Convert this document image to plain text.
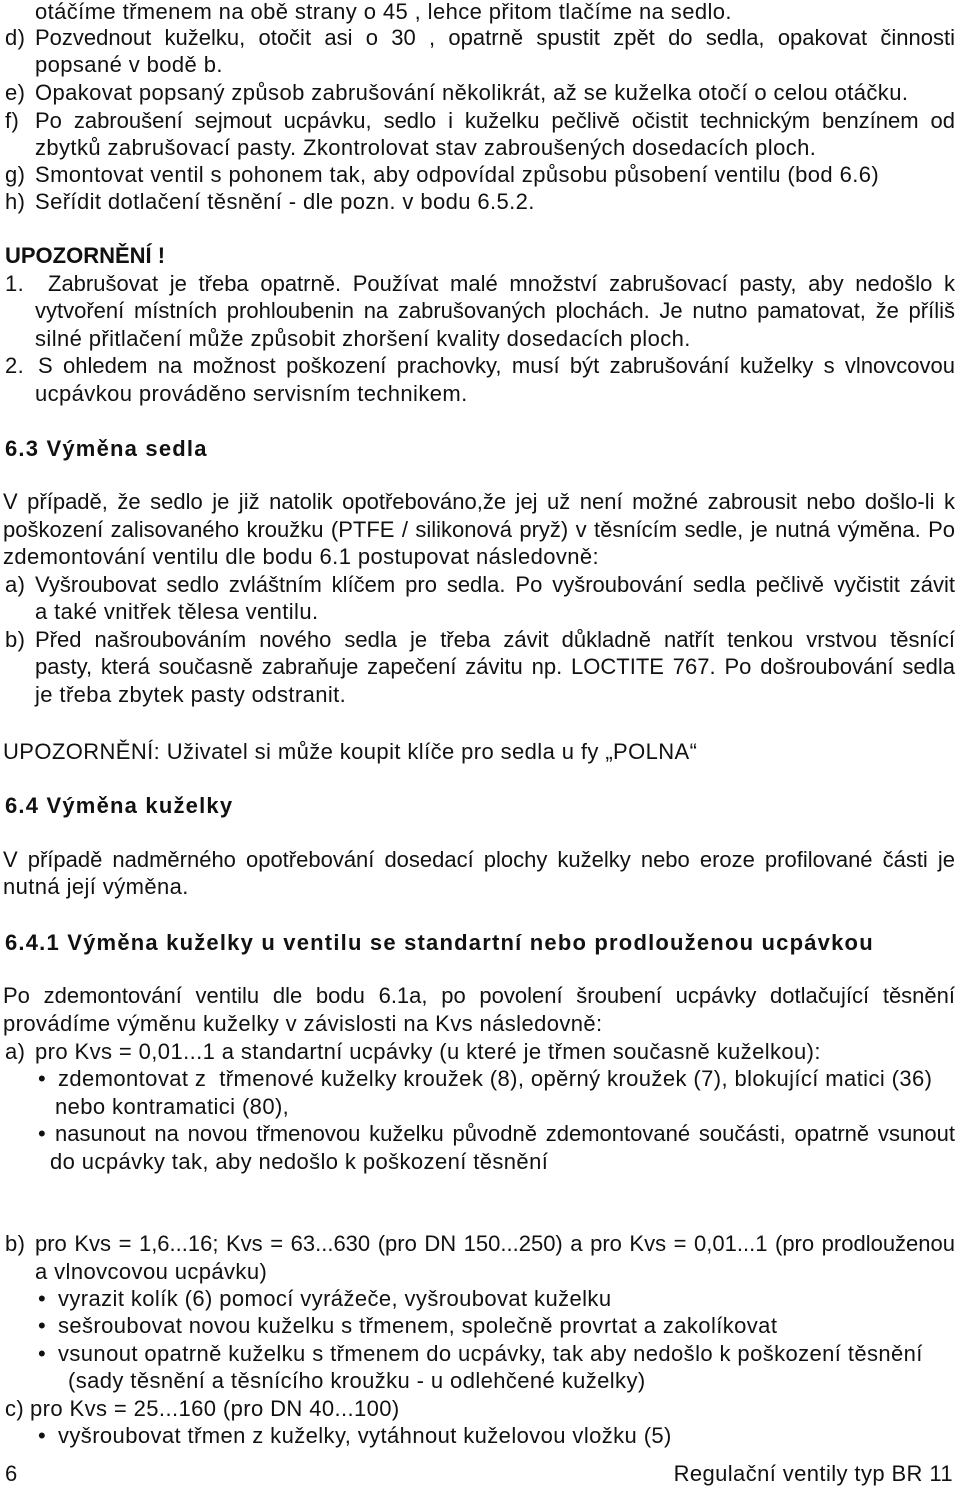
otáčíme třmenem na obě strany o 45 , lehce přitom tlačíme na sedlo.
d) Pozvednout kuželku, otočit asi o 30 , opatrně spustit zpět do sedla, opakovat činnosti
popsané v bodě b.
e) Opakovat popsaný způsob zabrušování několikrát, až se kuželka otočí o celou otáčku.
f) Po zabroušení sejmout ucpávku, sedlo i kuželku pečlivě očistit technickým benzínem od
zbytků zabrušovací pasty. Zkontrolovat stav zabroušených dosedacích ploch.
g) Smontovat ventil s pohonem tak, aby odpovídal způsobu působení ventilu (bod 6.6)
h) Seřídit dotlačení těsnění - dle pozn. v bodu 6.5.2.
UPOZORNĚNÍ !
1. Zabrušovat je třeba opatrně. Používat malé množství zabrušovací pasty, aby nedošlo k
vytvoření místních prohloubenin na zabrušovaných plochách. Je nutno pamatovat, že příliš
silné přitlačení může způsobit zhoršení kvality dosedacích ploch.
2. S ohledem na možnost poškození prachovky, musí být zabrušování kuželky s vlnovcovou
ucpávkou prováděno servisním technikem.
6.3 Výměna sedla
V případě, že sedlo je již natolik opotřebováno,že jej už není možné zabrousit nebo došlo-li k
poškození zalisovaného kroužku (PTFE / silikonová pryž) v těsnícím sedle, je nutná výměna. Po
zdemontování ventilu dle bodu 6.1 postupovat následovně:
a) Vyšroubovat sedlo zvláštním klíčem pro sedla. Po vyšroubování sedla pečlivě vyčistit závit
a také vnitřek tělesa ventilu.
b) Před našroubováním nového sedla je třeba závit důkladně natřít tenkou vrstvou těsnící
pasty, která současně zabraňuje zapečení závitu np. LOCTITE 767. Po došroubování sedla
je třeba zbytek pasty odstranit.
UPOZORNĚNÍ: Uživatel si může koupit klíče pro sedla u fy „POLNA“
6.4 Výměna kuželky
V případě nadměrného opotřebování dosedací plochy kuželky nebo eroze profilované části je
nutná její výměna.
6.4.1 Výměna kuželky u ventilu se standartní nebo prodlouženou ucpávkou
Po zdemontování ventilu dle bodu 6.1a, po povolení šroubení ucpávky dotlačující těsnění
provádíme výměnu kuželky v závislosti na Kvs následovně:
a) pro Kvs = 0,01...1 a standartní ucpávky (u které je třmen současně kuželkou):
• zdemontovat z  třmenové kuželky kroužek (8), opěrný kroužek (7), blokující matici (36)
nebo kontramatici (80),
• nasunout na novou třmenovou kuželku původně zdemontované součásti, opatrně vsunout
do ucpávky tak, aby nedošlo k poškození těsnění
b) pro Kvs = 1,6...16; Kvs = 63...630 (pro DN 150...250) a pro Kvs = 0,01...1 (pro prodlouženou
a vlnovcovou ucpávku)
• vyrazit kolík (6) pomocí vyrážeče, vyšroubovat kuželku
• sešroubovat novou kuželku s třmenem, společně provrtat a zakolíkovat
• vsunout opatrně kuželku s třmenem do ucpávky, tak aby nedošlo k poškození těsnění
(sady těsnění a těsnícího kroužku - u odlehčené kuželky)
c) pro Kvs = 25...160 (pro DN 40...100)
• vyšroubovat třmen z kuželky, vytáhnout kuželovou vložku (5)
6	Regulační ventily typ BR 11
